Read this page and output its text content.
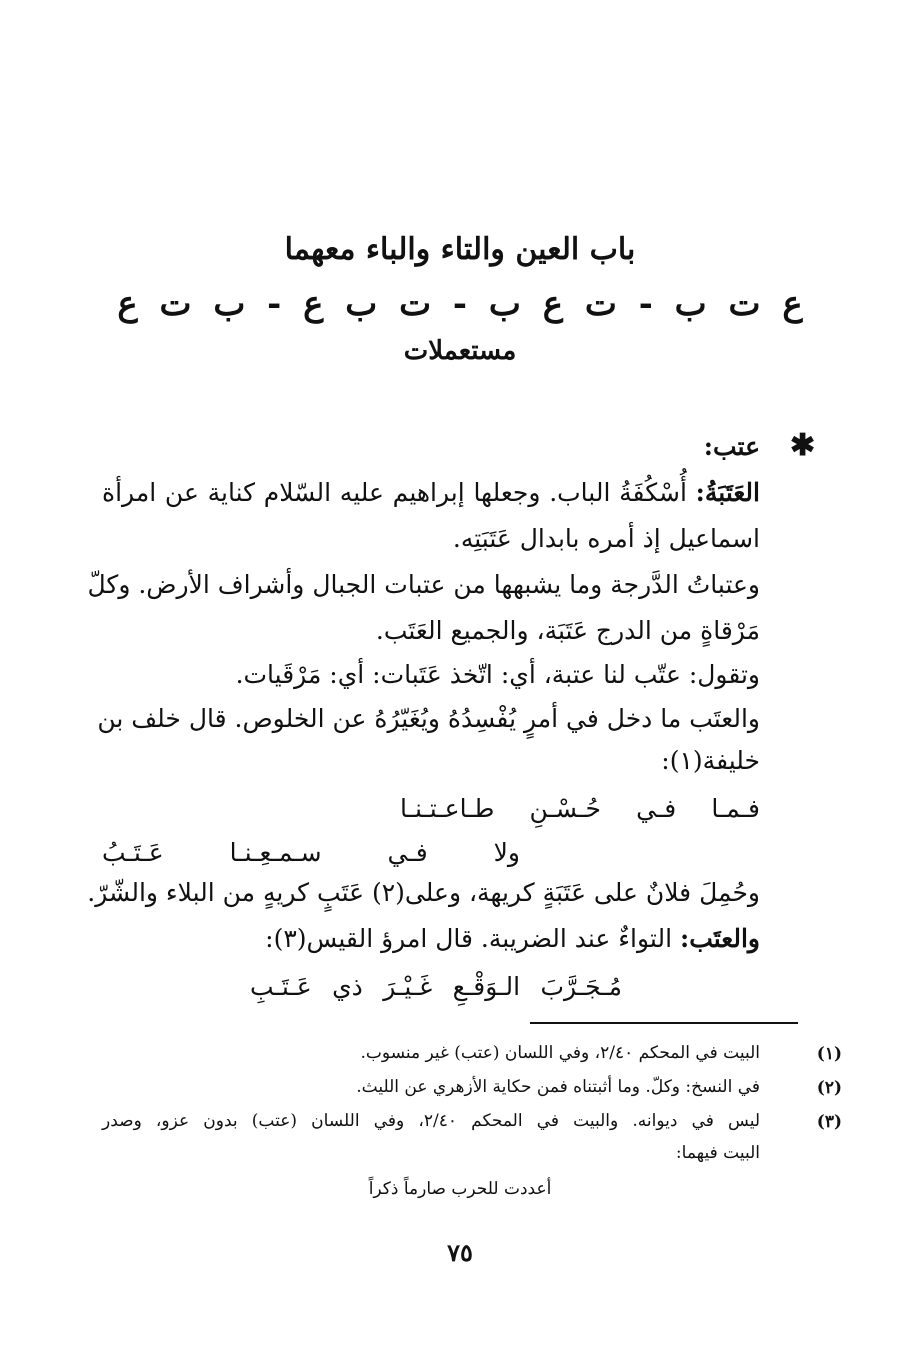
باب العين والتاء والباء معهما
ع ت ب - ت ع ب - ت ب ع - ب ت ع
مستعملات
✱
عتب:
العَتَبَةُ: أُسْكُفَةُ الباب. وجعلها إبراهيم عليه السّلام كناية عن امرأة
اسماعيل إذ أمره بابدال عَتَبَتِه.
وعتباتُ الدَّرجة وما يشبهها من عتبات الجبال وأشراف الأرض. وكلّ
مَرْقاةٍ من الدرج عَتَبَة، والجميع العَتَب.
وتقول: عتّب لنا عتبة، أي: اتّخذ عَتَبات: أي: مَرْقَيات.
والعتَب ما دخل في أمرٍ يُفْسِدُهُ ويُغَيّرُهُ عن الخلوص. قال خلف بن
خليفة(١):
وحُمِلَ فلانٌ على عَتَبَةٍ كريهة، وعلى(٢) عَتَبٍ كريهٍ من البلاء والشّرّ.
والعتَب: التواءٌ عند الضريبة. قال امرؤ القيس(٣):
فـمـا فـي حُـسْـنِ طـاعـتـنـا
ولا فـي سـمـعِـنـا عَـتَـبُ
مُـجَـرَّبَ الـوَقْـعِ غَـيْـرَ ذي عَـتَـبِ
(١)
البيت في المحكم ٢/٤٠، وفي اللسان (عتب) غير منسوب.
(٢)
في النسخ: وكلّ. وما أثبتناه فمن حكاية الأزهري عن الليث.
(٣)
ليس في ديوانه. والبيت في المحكم ٢/٤٠، وفي اللسان (عتب) بدون عزو، وصدر
البيت فيهما:
أعددت للحرب صارماً ذكراً
٧٥
